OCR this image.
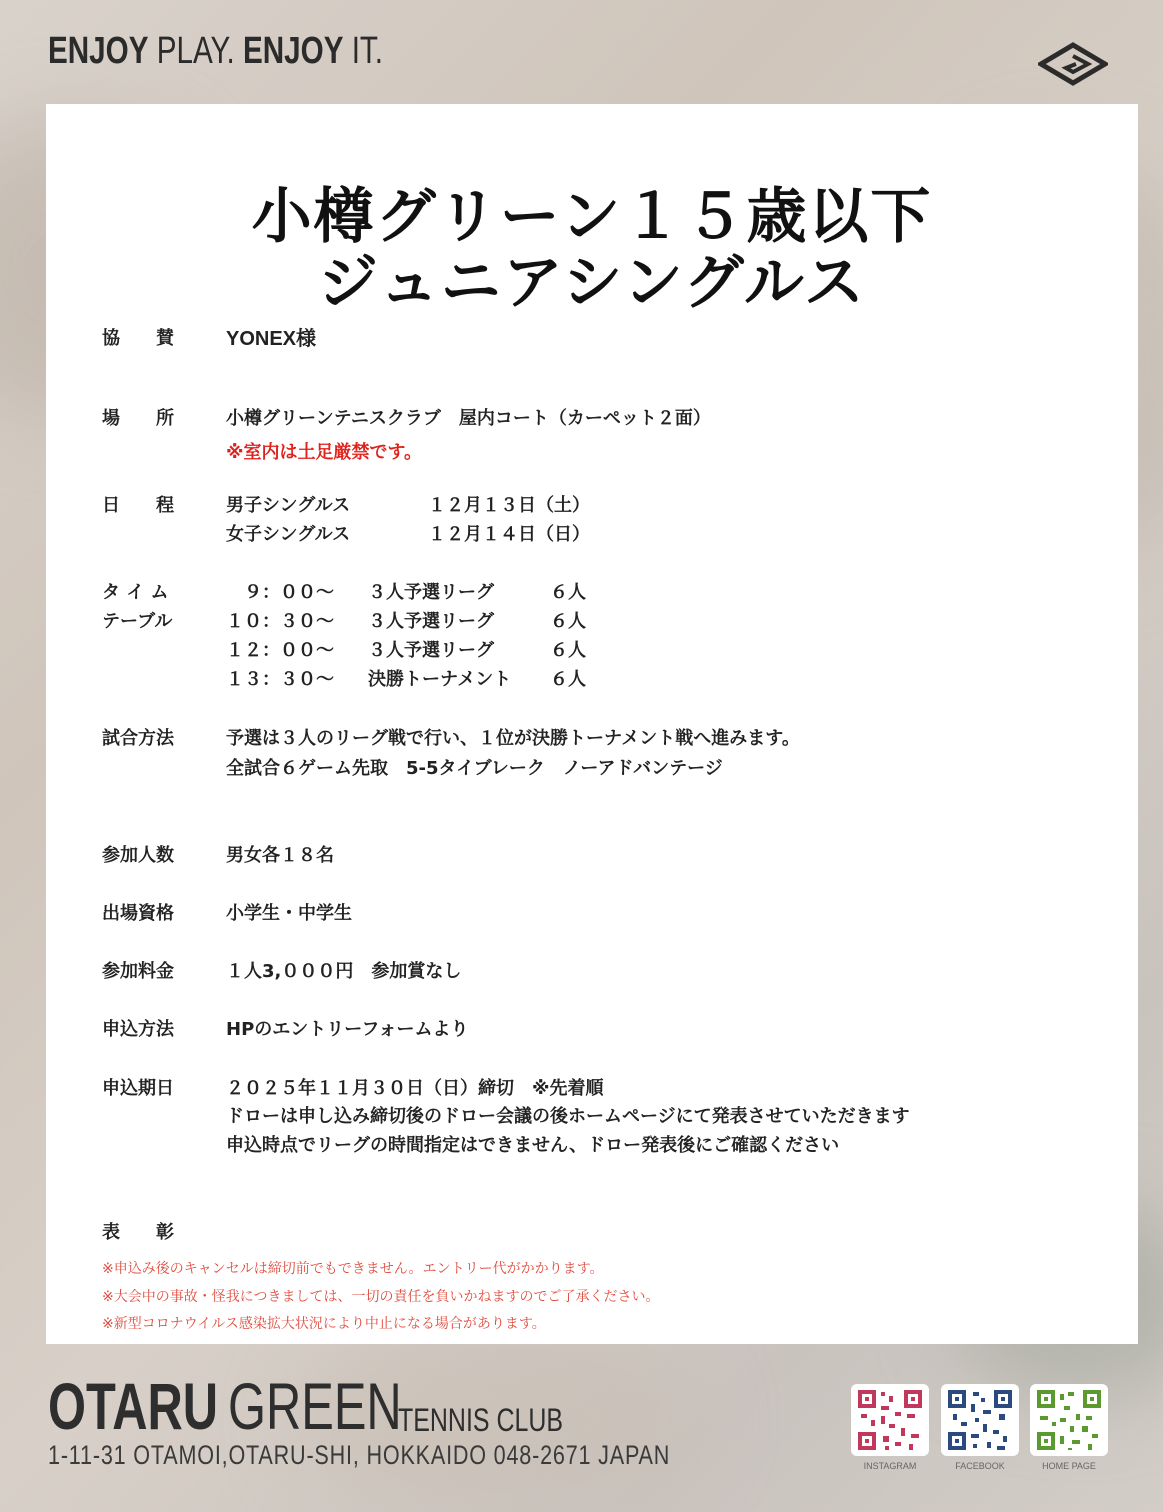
ENJOY PLAY. ENJOY IT.
小樽グリーン１５歳以下
ジュニアシングルス
協　　賛	YONEX様
場　　所	小樽グリーンテニスクラブ　屋内コート（カーペット２面）
※室内は土足厳禁です。
日　　程	男子シングルス	１２月１３日（土）
女子シングルス	１２月１４日（日）
タ イ ム
テーブル
　９：００～ ３人予選リーグ	６人
１０：３０～ ３人予選リーグ	６人
１２：００～ ３人予選リーグ	６人
１３：３０～ 決勝トーナメント ６人
試合方法	予選は３人のリーグ戦で行い、１位が決勝トーナメント戦へ進みます。
全試合６ゲーム先取　5-5タイブレーク　ノーアドバンテージ
参加人数	男女各１８名
出場資格	小学生・中学生
参加料金	１人3,０００円　参加賞なし
申込方法	HPのエントリーフォームより
申込期日	２０２５年１１月３０日（日）締切　※先着順
ドローは申し込み締切後のドロー会議の後ホームページにて発表させていただきます
申込時点でリーグの時間指定はできません、ドロー発表後にご確認ください
表　　彰
※申込み後のキャンセルは締切前でもできません。エントリー代がかかります。
※大会中の事故・怪我につきましては、一切の責任を負いかねますのでご了承ください。
※新型コロナウイルス感染拡大状況により中止になる場合があります。
OTARU GREEN
TENNIS CLUB
1-11-31 OTAMOI,OTARU-SHI, HOKKAIDO 048-2671 JAPAN	INSTAGRAM	FACEBOOK	HOME PAGE
